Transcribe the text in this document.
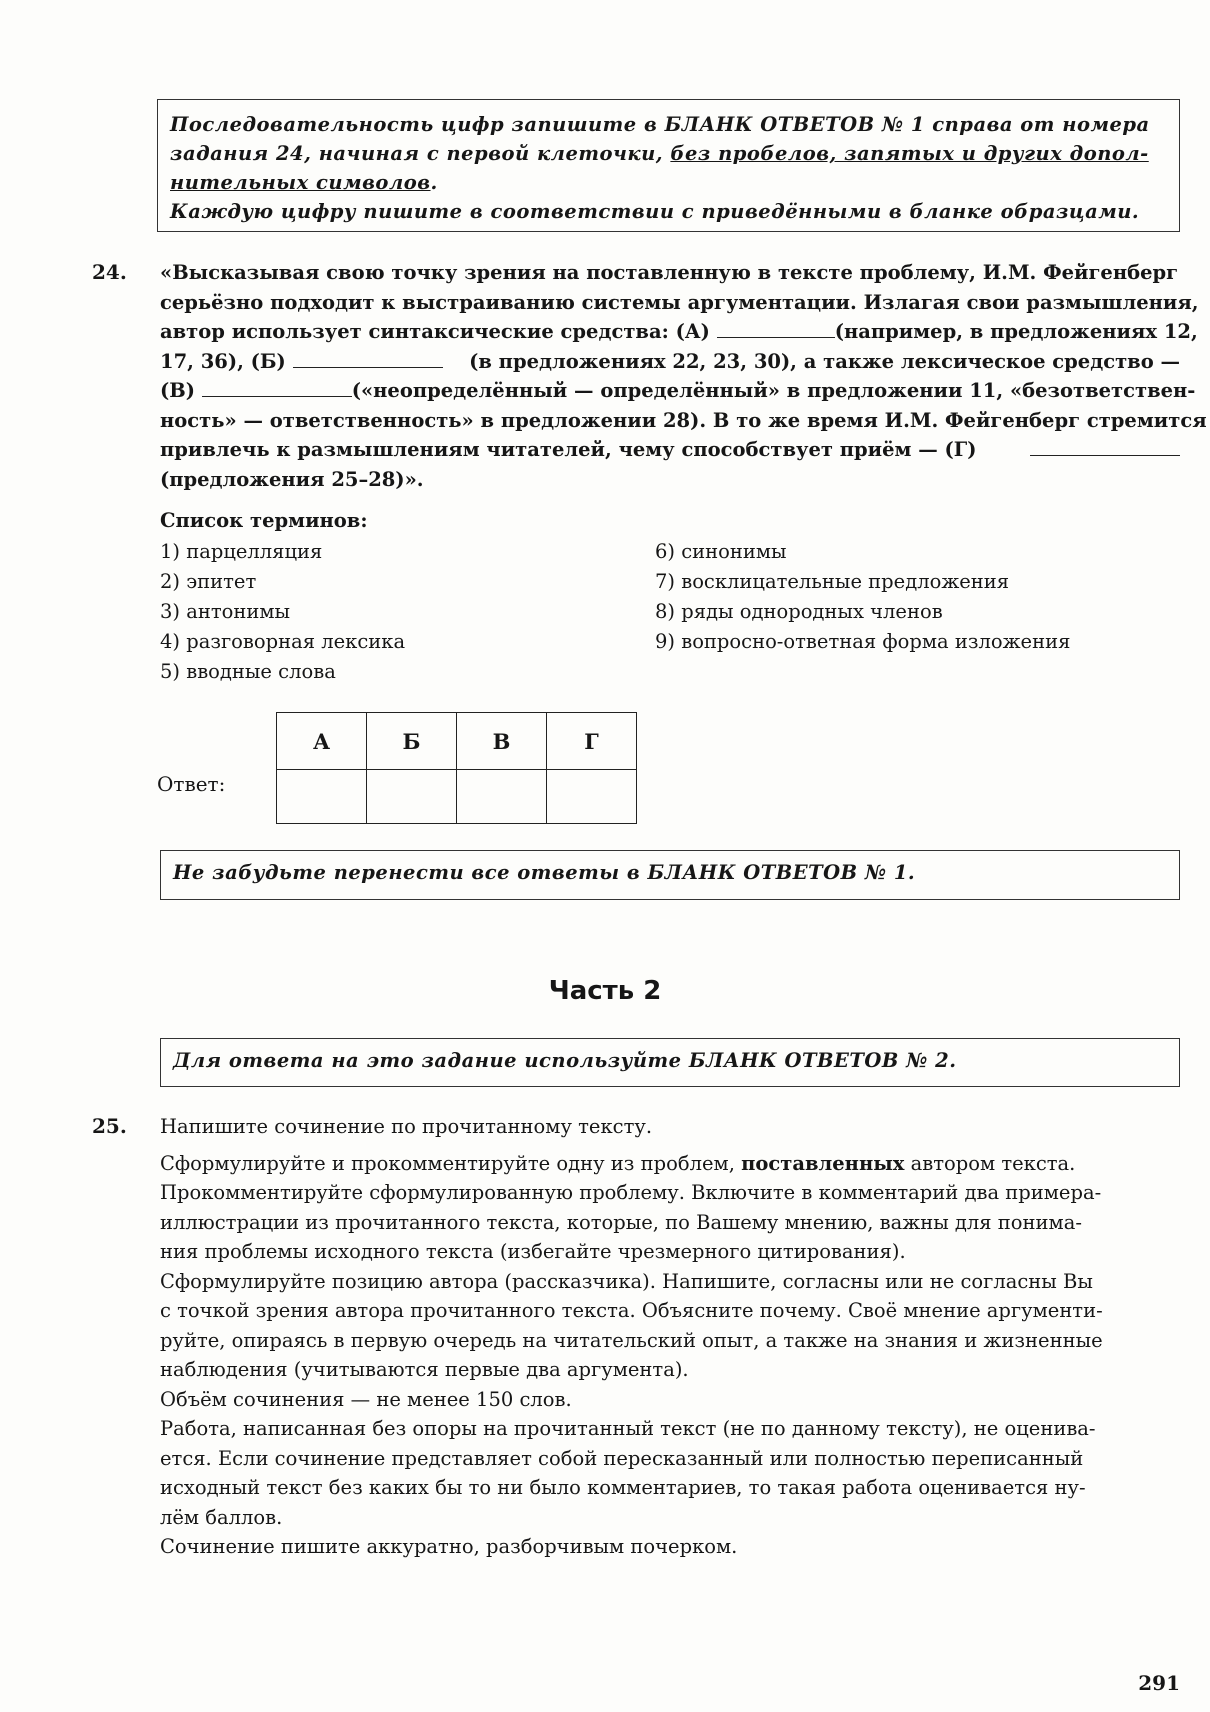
Последовательность цифр запишите в БЛАНК ОТВЕТОВ № 1 справа от номера
задания 24, начиная с первой клеточки, без пробелов, запятых и других допол-
нительных символов.
Каждую цифру пишите в соответствии с приведёнными в бланке образцами.
24. «Высказывая свою точку зрения на поставленную в тексте проблему, И.М. Фейгенберг
серьёзно подходит к выстраиванию системы аргументации. Излагая свои размышления,
автор использует синтаксические средства: (А)	(например, в предложениях 12,
17, 36), (Б)	(в предложениях 22, 23, 30), а также лексическое средство —
(В)	(«неопределённый — определённый» в предложении 11, «безответствен-
ность» — ответственность» в предложении 28). В то же время И.М. Фейгенберг стремится
привлечь к размышлениям читателей, чему способствует приём — (Г)
(предложения 25–28)».
Список терминов:
1) парцелляция
2) эпитет
3) антонимы
4) разговорная лексика
5) вводные слова
6) синонимы
7) восклицательные предложения
8) ряды однородных членов
9) вопросно-ответная форма изложения
Ответ:
А	Б	В	Г

Не забудьте перенести все ответы в БЛАНК ОТВЕТОВ № 1.
Часть 2
Для ответа на это задание используйте БЛАНК ОТВЕТОВ № 2.
25. Напишите сочинение по прочитанному тексту.
Сформулируйте и прокомментируйте одну из проблем,
поставленных
автором текста.
Прокомментируйте сформулированную проблему. Включите в комментарий два примера-
иллюстрации из прочитанного текста, которые, по Вашему мнению, важны для понима-
ния проблемы исходного текста (избегайте чрезмерного цитирования).
Сформулируйте позицию автора (рассказчика). Напишите, согласны или не согласны Вы
с точкой зрения автора прочитанного текста. Объясните почему. Своё мнение аргументи-
руйте, опираясь в первую очередь на читательский опыт, а также на знания и жизненные
наблюдения (учитываются первые два аргумента).
Объём сочинения — не менее 150 слов.
Работа, написанная без опоры на прочитанный текст (не по данному тексту), не оценива-
ется. Если сочинение представляет собой пересказанный или полностью переписанный
исходный текст без каких бы то ни было комментариев, то такая работа оценивается ну-
лём баллов.
Сочинение пишите аккуратно, разборчивым почерком.
291
